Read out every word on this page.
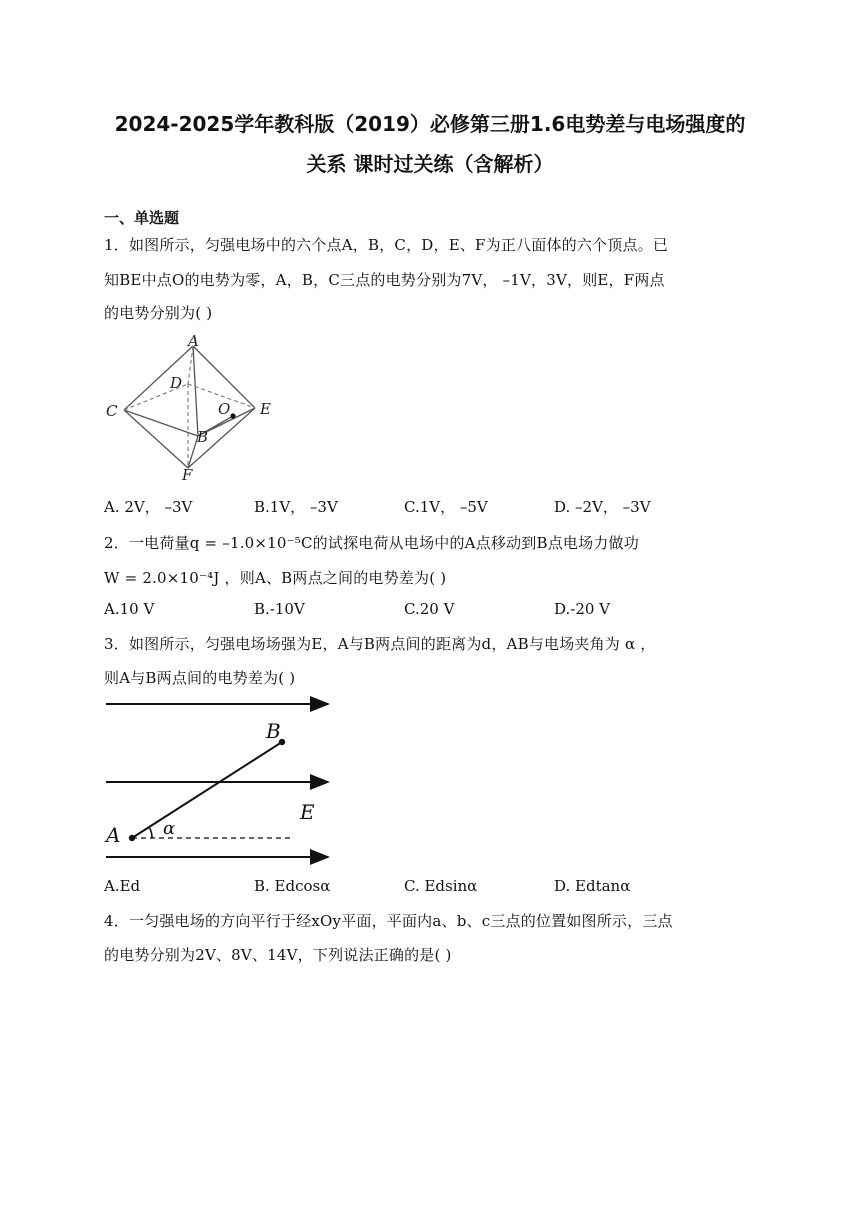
2024-2025学年教科版（2019）必修第三册1.6电势差与电场强度的
关系 课时过关练（含解析）
一、单选题
1．如图所示，匀强电场中的六个点A，B，C，D，E、F为正八面体的六个顶点。已
知BE中点O的电势为零，A，B，C三点的电势分别为7V， –1V，3V，则E，F两点
的电势分别为( )
A
D
C	O E
B
F
A. 2V， –3V	B.1V， –3V	C.1V， –5V	D. –2V， –3V
2．一电荷量q = –1.0×10⁻⁵C的试探电荷从电场中的A点移动到B点电场力做功
W = 2.0×10⁻⁴J ，则A、B两点之间的电势差为( )
A.10 V	B.-10V	C.20 V	D.-20 V
3．如图所示，匀强电场场强为E，A与B两点间的距离为d，AB与电场夹角为 α ，
则A与B两点间的电势差为( )
B
A α
E
A.Ed	B. Edcosα	C. Edsinα	D. Edtanα
4．一匀强电场的方向平行于经xOy平面，平面内a、b、c三点的位置如图所示，三点
的电势分别为2V、8V、14V，下列说法正确的是( )
